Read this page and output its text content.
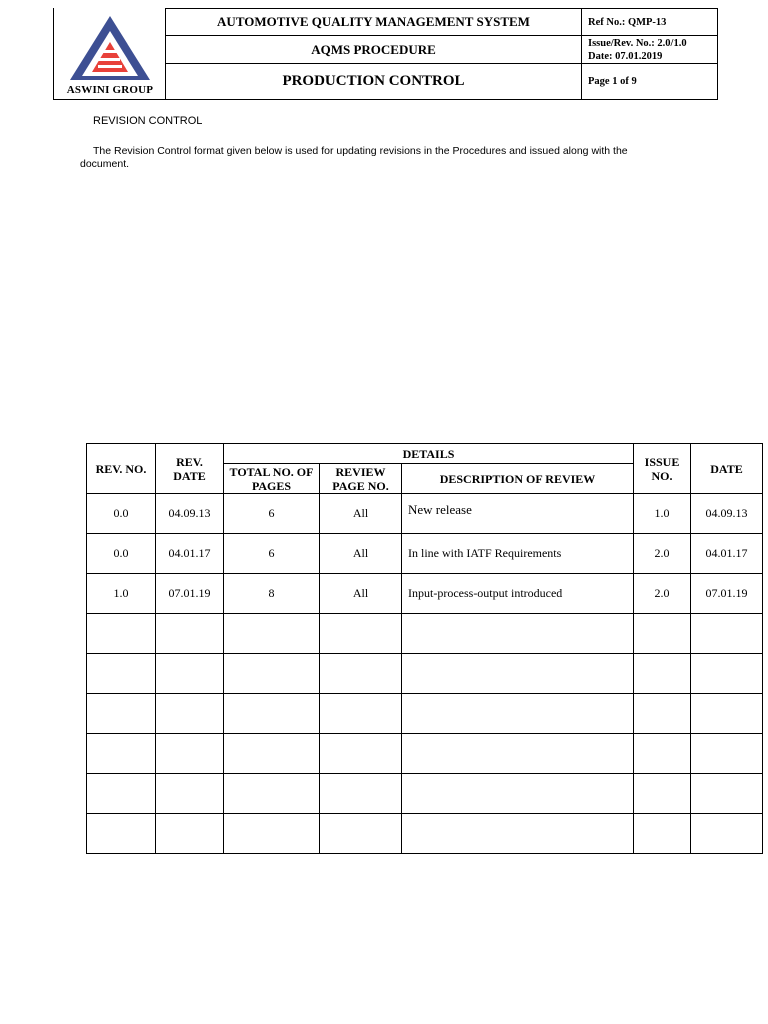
ASWINI GROUP
AUTOMOTIVE QUALITY MANAGEMENT SYSTEM	Ref No.: QMP-13
AQMS PROCEDURE	Issue/Rev. No.: 2.0/1.0
Date: 07.01.2019

PRODUCTION CONTROL	Page 1 of 9
REVISION CONTROL
The Revision Control format given below is used for updating revisions in the Procedures and issued along with the document.
REV. NO.	REV. DATE	DETAILS			ISSUE NO.	DATE
		TOTAL NO. OF PAGES	REVIEW PAGE NO.	DESCRIPTION OF REVIEW		
0.0	04.09.13	6	All	New release	1.0	04.09.13
0.0	04.01.17	6	All	In line with IATF Requirements	2.0	04.01.17
1.0	07.01.19	8	All	Input-process-output introduced	2.0	07.01.19
